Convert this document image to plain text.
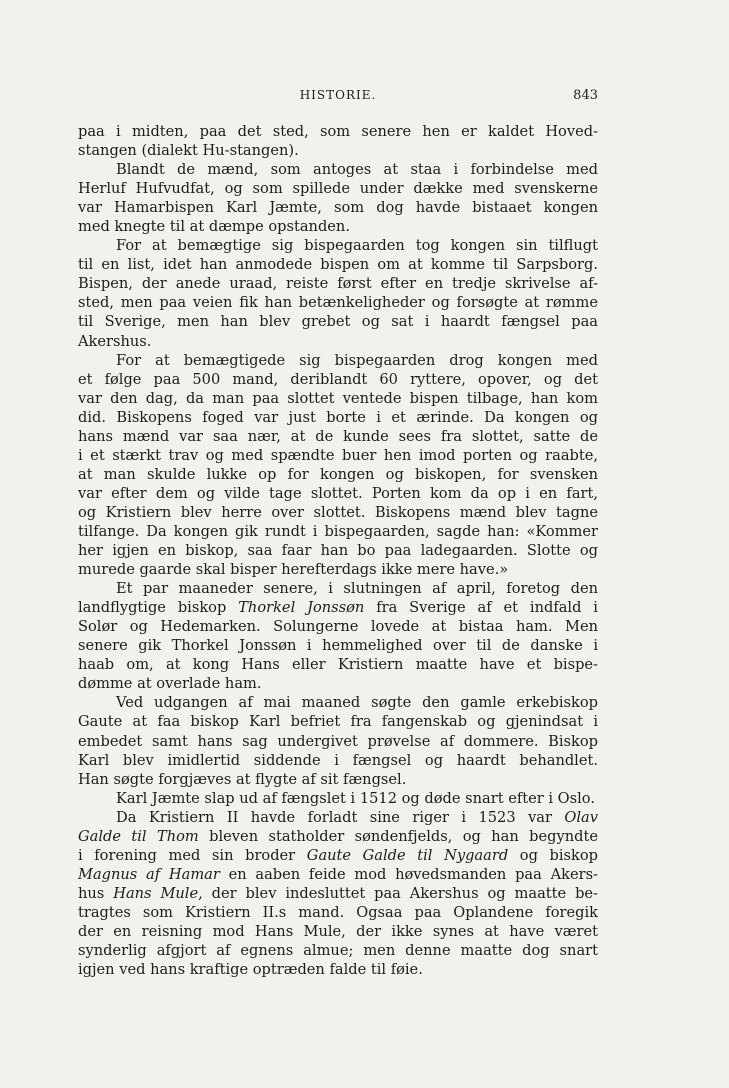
HISTORIE.	843
paa i midten, paa det sted, som senere hen er kaldet Hoved-
stangen (dialekt Hu-stangen).
Blandt de mænd, som antoges at staa i forbindelse med
Herluf Hufvudfat, og som spillede under dække med svenskerne
var Hamarbispen Karl Jæmte, som dog havde bistaaet kongen
med knegte til at dæmpe opstanden.
For at bemægtige sig bispegaarden tog kongen sin tilflugt
til en list, idet han anmodede bispen om at komme til Sarpsborg.
Bispen, der anede uraad, reiste først efter en tredje skrivelse af-
sted, men paa veien fik han betænkeligheder og forsøgte at rømme
til Sverige, men han blev grebet og sat i haardt fængsel paa
Akershus.
For at bemægtigede sig bispegaarden drog kongen med
et følge paa 500 mand, deriblandt 60 ryttere, opover, og det
var den dag, da man paa slottet ventede bispen tilbage, han kom
did. Biskopens foged var just borte i et ærinde. Da kongen og
hans mænd var saa nær, at de kunde sees fra slottet, satte de
i et stærkt trav og med spændte buer hen imod porten og raabte,
at man skulde lukke op for kongen og biskopen, for svensken
var efter dem og vilde tage slottet. Porten kom da op i en fart,
og Kristiern blev herre over slottet. Biskopens mænd blev tagne
tilfange. Da kongen gik rundt i bispegaarden, sagde han: «Kommer
her igjen en biskop, saa faar han bo paa ladegaarden. Slotte og
murede gaarde skal bisper herefterdags ikke mere have.»
Et par maaneder senere, i slutningen af april, foretog den
landflygtige biskop Thorkel Jonssøn fra Sverige af et indfald i
Solør og Hedemarken. Solungerne lovede at bistaa ham. Men
senere gik Thorkel Jonssøn i hemmelighed over til de danske i
haab om, at kong Hans eller Kristiern maatte have et bispe-
dømme at overlade ham.
Ved udgangen af mai maaned søgte den gamle erkebiskop
Gaute at faa biskop Karl befriet fra fangenskab og gjenindsat i
embedet samt hans sag undergivet prøvelse af dommere. Biskop
Karl blev imidlertid siddende i fængsel og haardt behandlet.
Han søgte forgjæves at flygte af sit fængsel.
Karl Jæmte slap ud af fængslet i 1512 og døde snart efter i Oslo.
Da Kristiern II havde forladt sine riger i 1523 var Olav
Galde til Thom bleven statholder søndenfjelds, og han begyndte
i forening med sin broder Gaute Galde til Nygaard og biskop
Magnus af Hamar en aaben feide mod høvedsmanden paa Akers-
hus Hans Mule, der blev indesluttet paa Akershus og maatte be-
tragtes som Kristiern II.s mand. Ogsaa paa Oplandene foregik
der en reisning mod Hans Mule, der ikke synes at have været
synderlig afgjort af egnens almue; men denne maatte dog snart
igjen ved hans kraftige optræden falde til føie.
